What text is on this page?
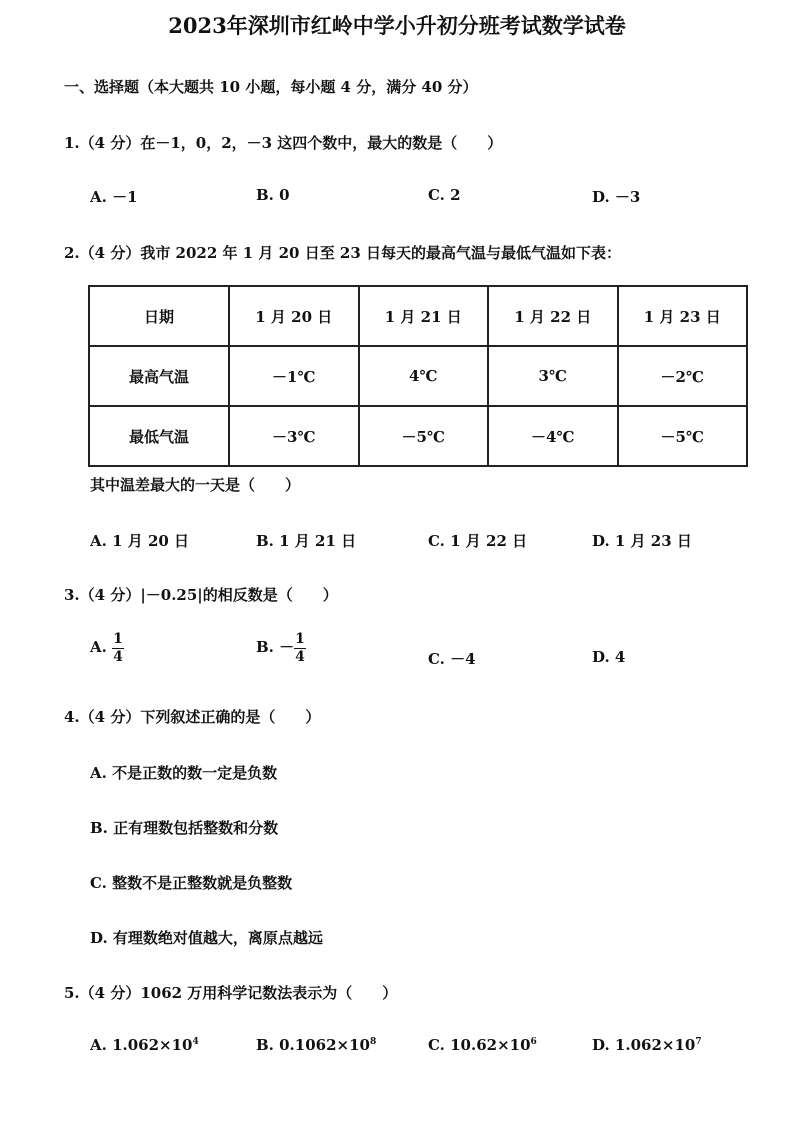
2023年深圳市红岭中学小升初分班考试数学试卷
一、选择题（本大题共 10 小题，每小题 4 分，满分 40 分）
1.（4 分）在－1，0，2，－3 这四个数中，最大的数是（　　）
A. －1	B. 0	C. 2	D. －3
2.（4 分）我市 2022 年 1 月 20 日至 23 日每天的最高气温与最低气温如下表：
日期	1 月 20 日	1 月 21 日	1 月 22 日	1 月 23 日
最高气温	－1℃	4℃	3℃	－2℃
最低气温	－3℃	－5℃	－4℃	－5℃
其中温差最大的一天是（　　）
A. 1 月 20 日	B. 1 月 21 日	C. 1 月 22 日	D. 1 月 23 日
3.（4 分）|－0.25|的相反数是（　　）
A. $\frac{1}{4}$	B. － $\frac{1}{4}$	C. －4	D. 4
4.（4 分）下列叙述正确的是（　　）
A. 不是正数的数一定是负数
B. 正有理数包括整数和分数
C. 整数不是正整数就是负整数
D. 有理数绝对值越大，离原点越远
5.（4 分）1062 万用科学记数法表示为（　　）
A. $1.062\times 10^4$	B. $0.1062\times 10^8$	C. $10.62\times 10^6$	D. $1.062\times 10^7$
